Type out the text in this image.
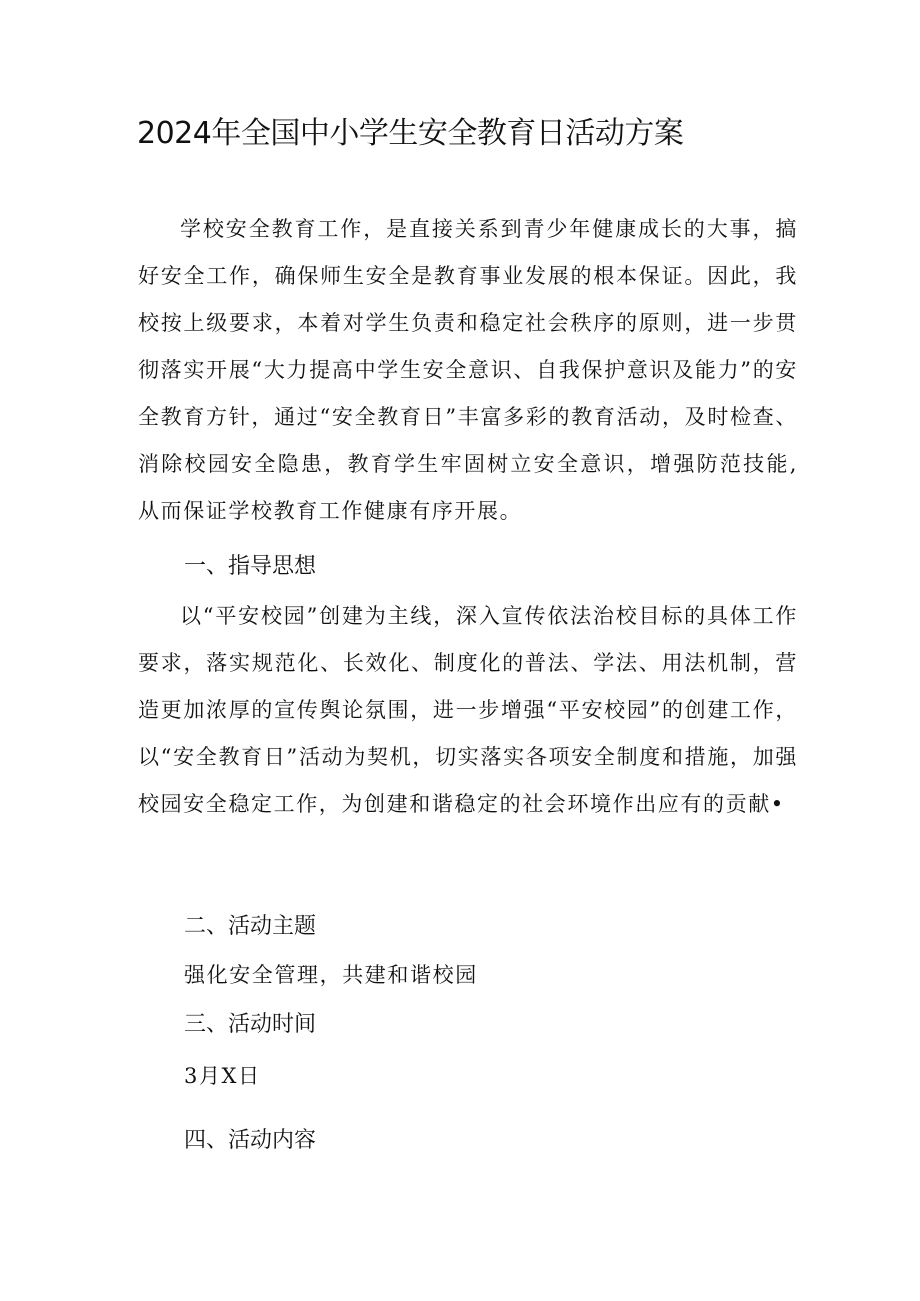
2024年全国中小学生安全教育日活动方案
学校安全教育工作，是直接关系到青少年健康成长的大事，搞好安全工作，确保师生安全是教育事业发展的根本保证。因此，我校按上级要求，本着对学生负责和稳定社会秩序的原则，进一步贯彻落实开展“大力提高中学生安全意识、自我保护意识及能力”的安全教育方针，通过“安全教育日”丰富多彩的教育活动，及时检查、消除校园安全隐患，教育学生牢固树立安全意识，增强防范技能,从而保证学校教育工作健康有序开展。
一、指导思想
以“平安校园”创建为主线，深入宣传依法治校目标的具体工作要求，落实规范化、长效化、制度化的普法、学法、用法机制，营造更加浓厚的宣传舆论氛围，进一步增强“平安校园”的创建工作，以“安全教育日”活动为契机，切实落实各项安全制度和措施，加强校园安全稳定工作，为创建和谐稳定的社会环境作出应有的贡献•
二、活动主题
强化安全管理，共建和谐校园
三、活动时间
3月X日
四、活动内容
